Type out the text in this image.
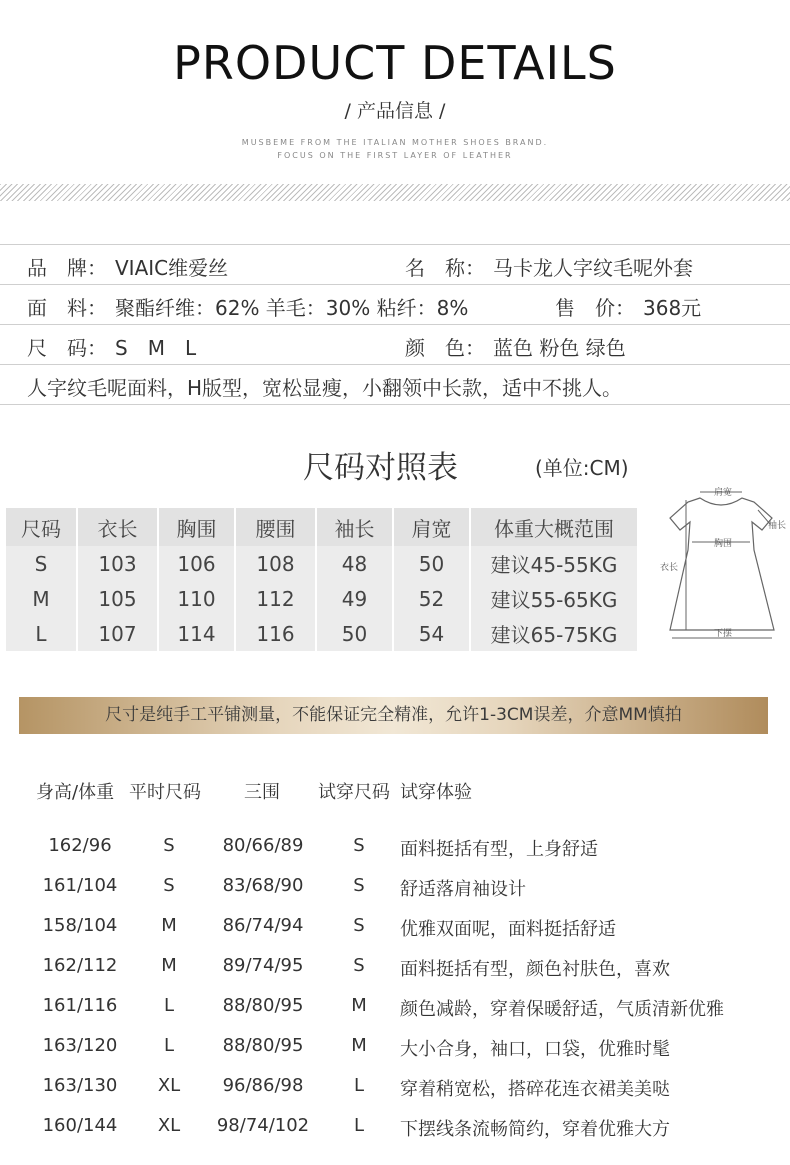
PRODUCT DETAILS
/ 产品信息 /
MUSBEME FROM THE ITALIAN MOTHER SHOES BRAND.
FOCUS ON THE FIRST LAYER OF LEATHER
品　牌： VIAIC维爱丝	名　称： 马卡龙人字纹毛呢外套
面　料： 聚酯纤维：62% 羊毛：30% 粘纤：8%	售　价： 368元
尺　码： S　M　L	颜　色： 蓝色 粉色 绿色
人字纹毛呢面料，H版型，宽松显瘦，小翻领中长款，适中不挑人。
尺码对照表	(单位:CM)
尺码	衣长	胸围	腰围	袖长	肩宽	体重大概范围
S	103	106	108	48	50	建议45-55KG
M	105	110	112	49	52	建议55-65KG
L	107	114	116	50	54	建议65-75KG
肩宽
胸围
袖长
衣长
下摆
尺寸是纯手工平铺测量，不能保证完全精准，允许1-3CM误差，介意MM慎拍
身高/体重 平时尺码 三围 试穿尺码 试穿体验
162/96	S	80/66/89	S	面料挺括有型，上身舒适
161/104	S	83/68/90	S	舒适落肩袖设计
158/104	M	86/74/94	S	优雅双面呢，面料挺括舒适
162/112	M	89/74/95	S	面料挺括有型，颜色衬肤色，喜欢
161/116	L	88/80/95	M	颜色减龄，穿着保暖舒适，气质清新优雅
163/120	L	88/80/95	M	大小合身，袖口，口袋，优雅时髦
163/130	XL	96/86/98	L	穿着稍宽松，搭碎花连衣裙美美哒
160/144	XL	98/74/102	L	下摆线条流畅简约，穿着优雅大方
